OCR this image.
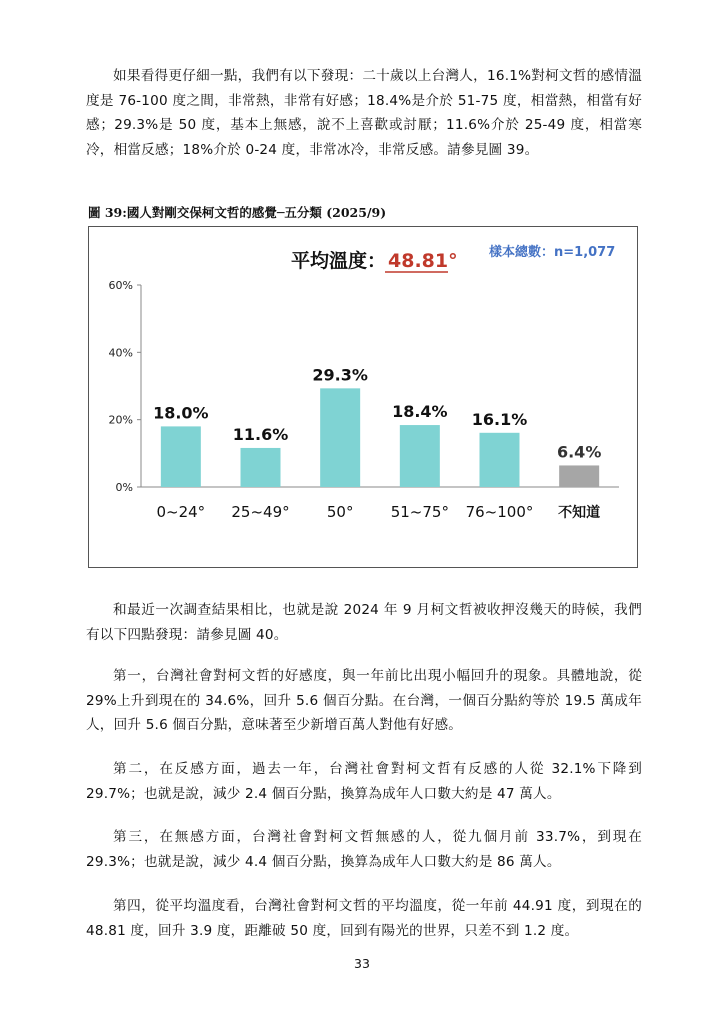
如果看得更仔細一點，我們有以下發現：二十歲以上台灣人，16.1%對柯文哲的感情溫度是 76-100 度之間，非常熱，非常有好感；18.4%是介於 51-75 度，相當熱，相當有好感；29.3%是 50 度，基本上無感，說不上喜歡或討厭；11.6%介於 25-49 度，相當寒冷，相當反感；18%介於 0-24 度，非常冰冷，非常反感。請參見圖 39。

圖 39:國人對剛交保柯文哲的感覺─五分類 (2025/9)
平均溫度： 48.81° 樣本總數：n=1,077
0%
20%
40%
60%
18.0%
0~24°
11.6%
25~49°
29.3%
50°
18.4%
51~75°
16.1%
76~100°
6.4%
不知道

和最近一次調查結果相比，也就是說 2024 年 9 月柯文哲被收押沒幾天的時候，我們有以下四點發現：請參見圖 40。

第一，台灣社會對柯文哲的好感度，與一年前比出現小幅回升的現象。具體地說，從 29%上升到現在的 34.6%，回升 5.6 個百分點。在台灣，一個百分點約等於 19.5 萬成年人，回升 5.6 個百分點，意味著至少新增百萬人對他有好感。

第二，在反感方面，過去一年，台灣社會對柯文哲有反感的人從 32.1%下降到 29.7%；也就是說，減少 2.4 個百分點，換算為成年人口數大約是 47 萬人。

第三，在無感方面，台灣社會對柯文哲無感的人，從九個月前 33.7%，到現在 29.3%；也就是說，減少 4.4 個百分點，換算為成年人口數大約是 86 萬人。

第四，從平均溫度看，台灣社會對柯文哲的平均溫度，從一年前 44.91 度，到現在的 48.81 度，回升 3.9 度，距離破 50 度，回到有陽光的世界，只差不到 1.2 度。

33
